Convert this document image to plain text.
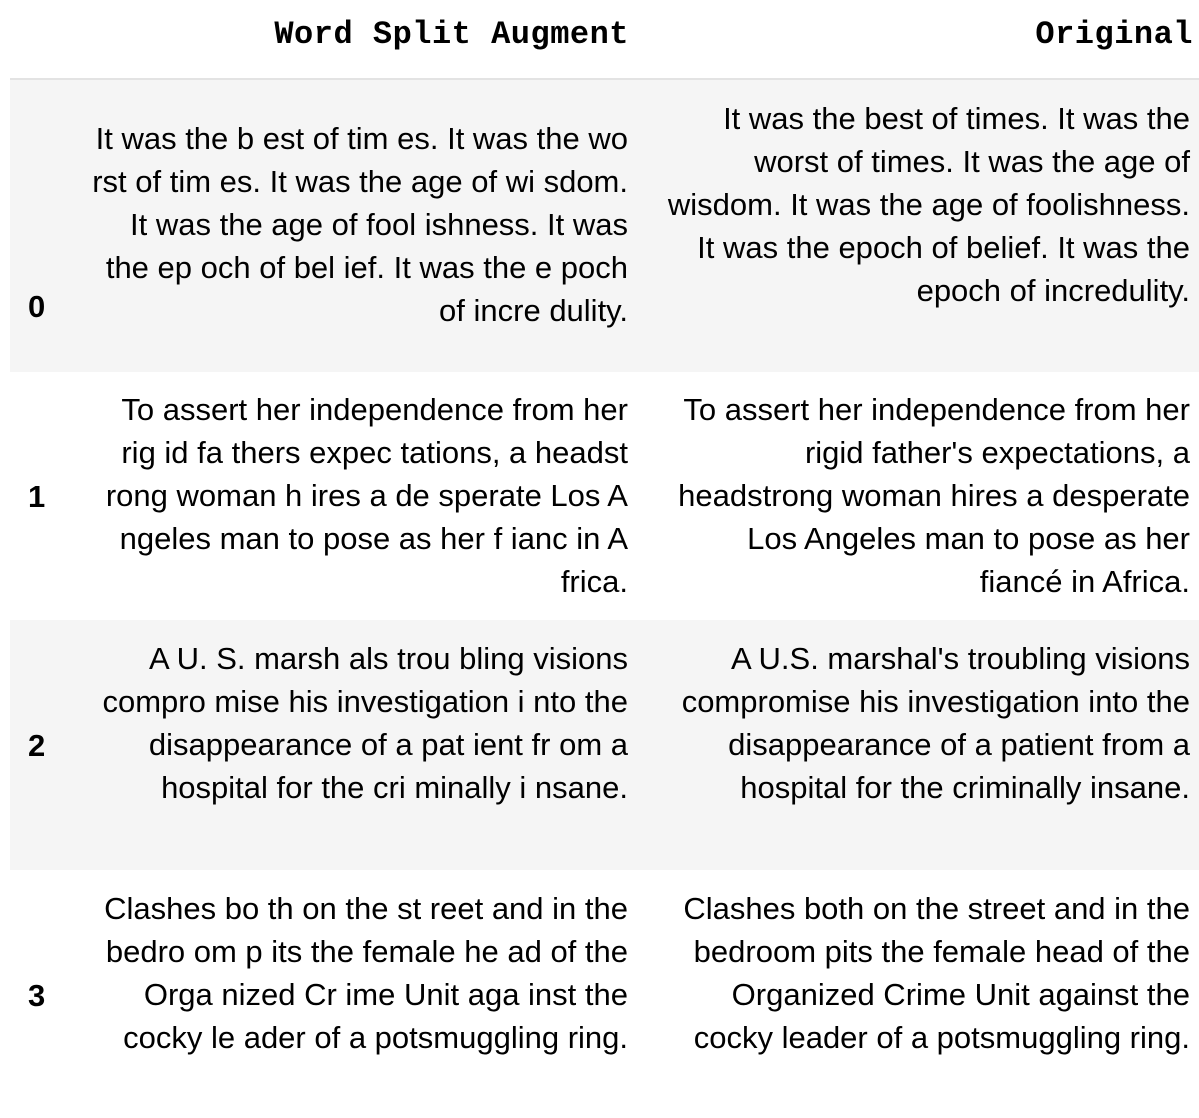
Word Split Augment	Original
0
It was the b est of tim es. It was the wo rst of tim es. It was the age of wi sdom. It was the age of fool ishness. It was the ep och of bel ief. It was the e poch of incre dulity.
It was the best of times. It was the worst of times. It was the age of wisdom. It was the age of foolishness. It was the epoch of belief. It was the epoch of incredulity.
1
To assert her independence from her rig id fa thers expec tations, a headst rong woman h ires a de sperate Los A ngeles man to pose as her f ianc in A frica.
To assert her independence from her rigid father's expectations, a headstrong woman hires a desperate Los Angeles man to pose as her fiancé in Africa.
2
A U. S. marsh als trou bling visions compro mise his investigation i nto the disappearance of a pat ient fr om a hospital for the cri minally i nsane.
A U.S. marshal's troubling visions compromise his investigation into the disappearance of a patient from a hospital for the criminally insane.
3
Clashes bo th on the st reet and in the bedro om p its the female he ad of the Orga nized Cr ime Unit aga inst the cocky le ader of a potsmuggling ring.
Clashes both on the street and in the bedroom pits the female head of the Organized Crime Unit against the cocky leader of a potsmuggling ring.
